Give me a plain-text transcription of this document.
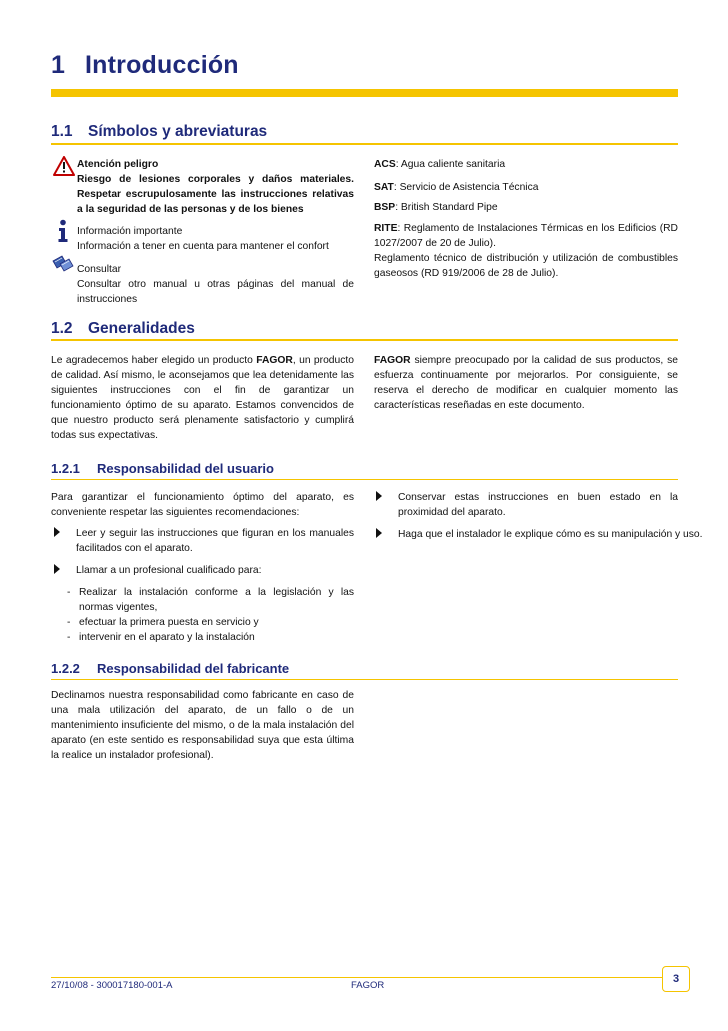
1 Introducción
1.1 Símbolos y abreviaturas
Atención peligro
Riesgo de lesiones corporales y daños materiales. Respetar escrupulosamente las instrucciones relativas a la seguridad de las personas y de los bienes
Información importante
Información a tener en cuenta para mantener el confort
Consultar
Consultar otro manual u otras páginas del manual de instrucciones
ACS: Agua caliente sanitaria
SAT: Servicio de Asistencia Técnica
BSP: British Standard Pipe
RITE: Reglamento de Instalaciones Térmicas en los Edificios (RD 1027/2007 de 20 de Julio).
Reglamento técnico de distribución y utilización de combustibles gaseosos (RD 919/2006 de 28 de Julio).
1.2 Generalidades
Le agradecemos haber elegido un producto FAGOR, un producto de calidad. Así mismo, le aconsejamos que lea detenidamente las siguientes instrucciones con el fin de garantizar un funcionamiento óptimo de su aparato. Estamos convencidos de que nuestro producto será plenamente satisfactorio y cumplirá todas sus expectativas.
FAGOR siempre preocupado por la calidad de sus productos, se esfuerza continuamente por mejorarlos. Por consiguiente, se reserva el derecho de modificar en cualquier momento las características reseñadas en este documento.
1.2.1 Responsabilidad del usuario
Para garantizar el funcionamiento óptimo del aparato, es conveniente respetar las siguientes recomendaciones:
Leer y seguir las instrucciones que figuran en los manuales facilitados con el aparato.
Llamar a un profesional cualificado para:
- Realizar la instalación conforme a la legislación y las normas vigentes,
- efectuar la primera puesta en servicio y
- intervenir en el aparato y la instalación
Conservar estas instrucciones en buen estado en la proximidad del aparato.
Haga que el instalador le explique cómo es su manipulación y uso.
1.2.2 Responsabilidad del fabricante
Declinamos nuestra responsabilidad como fabricante en caso de una mala utilización del aparato, de un fallo o de un mantenimiento insuficiente del mismo, o de la mala instalación del aparato (en este sentido es responsabilidad suya que esta última la realice un instalador profesional).
27/10/08 - 300017180-001-A	FAGOR
3
